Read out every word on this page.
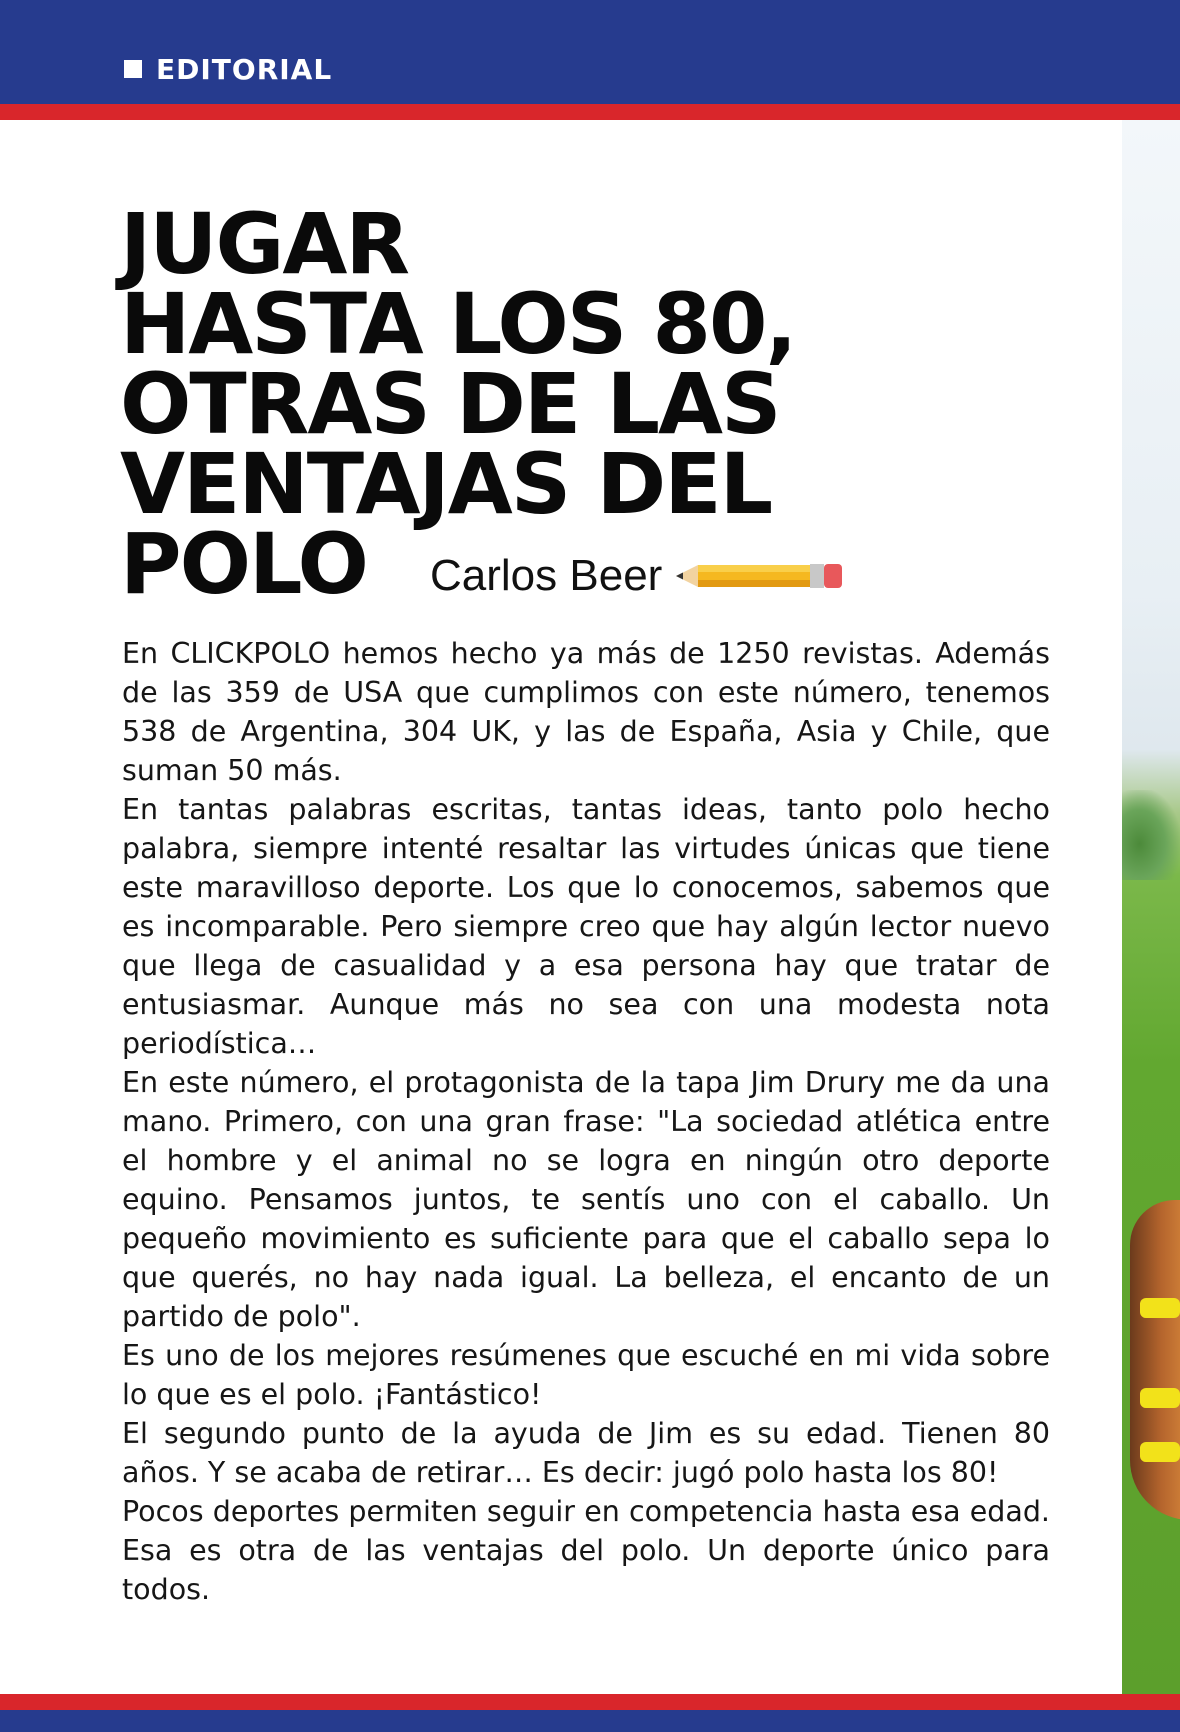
EDITORIAL
JUGAR
HASTA LOS 80,
OTRAS DE LAS
VENTAJAS DEL
POLO	Carlos Beer

En CLICKPOLO hemos hecho ya más de 1250 revistas. Además de las 359 de USA que cumplimos con este número, tenemos 538 de Argentina, 304 UK, y las de España, Asia y Chile, que suman 50 más.

En tantas palabras escritas, tantas ideas, tanto polo hecho palabra, siempre intenté resaltar las virtudes únicas que tiene este maravilloso deporte. Los que lo conocemos, sabemos que es incomparable. Pero siempre creo que hay algún lector nuevo que llega de casualidad y a esa persona hay que tratar de entusiasmar. Aunque más no sea con una modesta nota periodística…

En este número, el protagonista de la tapa Jim Drury me da una mano. Primero, con una gran frase: "La sociedad atlética entre el hombre y el animal no se logra en ningún otro deporte equino. Pensamos juntos, te sentís uno con el caballo. Un pequeño movimiento es suficiente para que el caballo sepa lo que querés, no hay nada igual. La belleza, el encanto de un partido de polo".

Es uno de los mejores resúmenes que escuché en mi vida sobre lo que es el polo. ¡Fantástico!

El segundo punto de la ayuda de Jim es su edad. Tienen 80 años. Y se acaba de retirar… Es decir: jugó polo hasta los 80!

Pocos deportes permiten seguir en competencia hasta esa edad. Esa es otra de las ventajas del polo. Un deporte único para todos.
